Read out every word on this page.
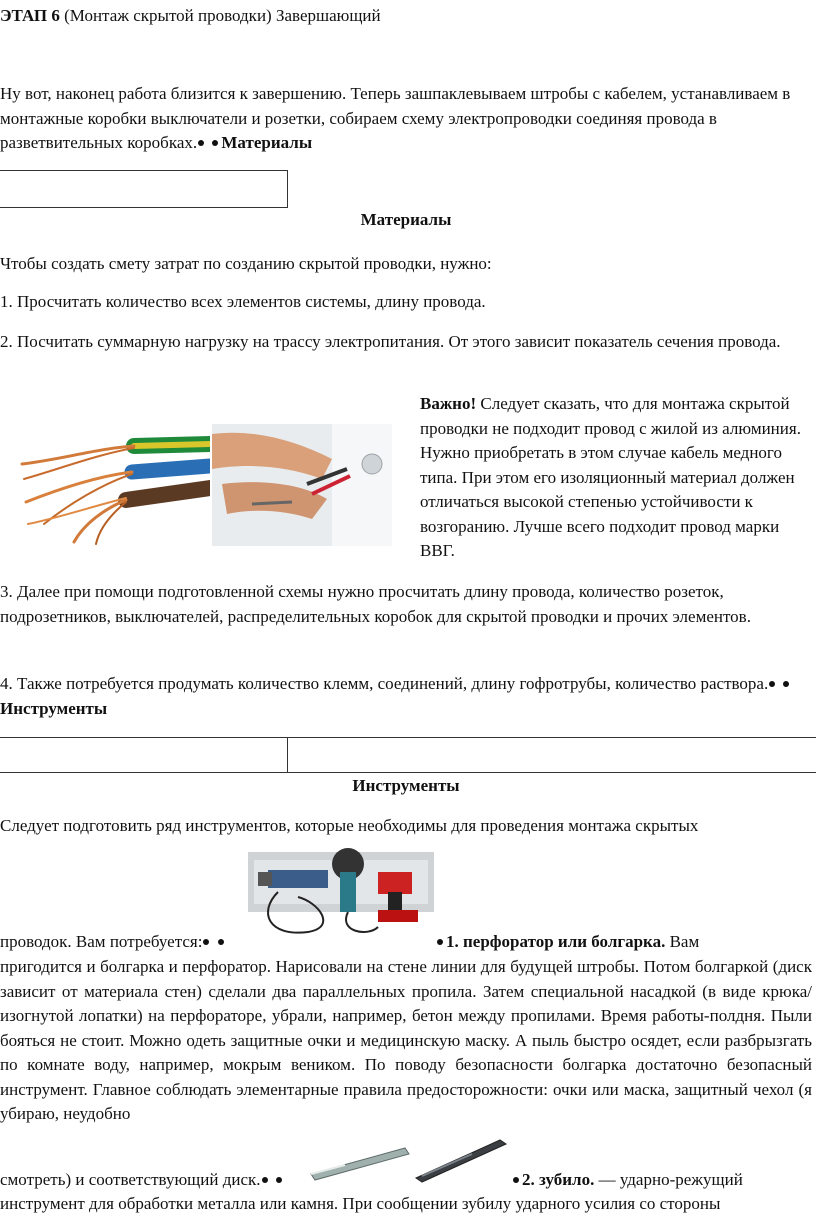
ЭТАП 6 (Монтаж скрытой проводки) Завершающий
Ну вот, наконец работа близится к завершению. Теперь зашпаклевываем штробы с кабелем, устанавливаем в монтажные коробки выключатели и розетки, собираем схему электропроводки соединяя провода в разветвительных коробках. Материалы
Материалы
Чтобы создать смету затрат по созданию скрытой проводки, нужно:
1. Просчитать количество всех элементов системы, длину провода.
2. Посчитать суммарную нагрузку на трассу электропитания. От этого зависит показатель сечения провода.
Важно! Следует сказать, что для монтажа скрытой проводки не подходит провод с жилой из алюминия. Нужно приобретать в этом случае кабель медного типа. При этом его изоляционный материал должен отличаться высокой степенью устойчивости к возгоранию. Лучше всего подходит провод марки ВВГ.
3. Далее при помощи подготовленной схемы нужно просчитать длину провода, количество розеток, подрозетников, выключателей, распределительных коробок для скрытой проводки и прочих элементов.
4. Также потребуется продумать количество клемм, соединений, длину гофротрубы, количество раствора. Инструменты
Инструменты
Следует подготовить ряд инструментов, которые необходимы для проведения монтажа скрытых
проводок. Вам потребуется:	1. перфоратор или болгарка. Вам
пригодится и болгарка и перфоратор. Нарисовали на стене линии для будущей штробы. Потом болгаркой (диск зависит от материала стен) сделали два параллельных пропила. Затем специальной насадкой (в виде крюка/изогнутой лопатки) на перфораторе, убрали, например, бетон между пропилами. Время работы-полдня. Пыли бояться не стоит. Можно одеть защитные очки и медицинскую маску. А пыль быстро осядет, если разбрызгать по комнате воду, например, мокрым веником. По поводу безопасности болгарка достаточно безопасный инструмент. Главное соблюдать элементарные правила предосторожности: очки или маска, защитный чехол (я убираю, неудобно
смотреть) и соответствующий диск.	2. зубило. — ударно-режущий
инструмент для обработки металла или камня. При сообщении зубилу ударного усилия со стороны
